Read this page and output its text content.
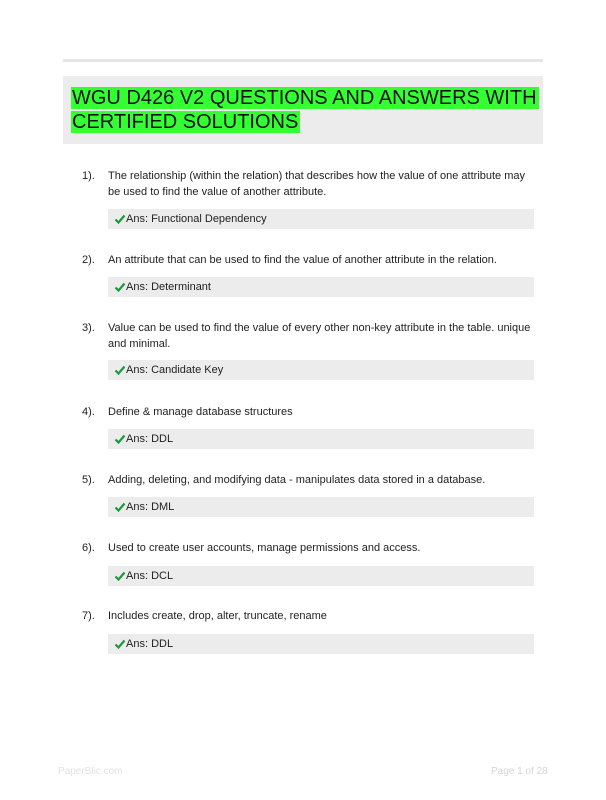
WGU D426 V2 QUESTIONS AND ANSWERS WITH CERTIFIED SOLUTIONS
1). The relationship (within the relation) that describes how the value of one attribute may be used to find the value of another attribute.
Ans: Functional Dependency
2). An attribute that can be used to find the value of another attribute in the relation.
Ans: Determinant
3). Value can be used to find the value of every other non-key attribute in the table. unique and minimal.
Ans: Candidate Key
4). Define & manage database structures
Ans: DDL
5). Adding, deleting, and modifying data - manipulates data stored in a database.
Ans: DML
6). Used to create user accounts, manage permissions and access.
Ans: DCL
7). Includes create, drop, alter, truncate, rename
Ans: DDL
PaperBlic.com	Page 1 of 28
